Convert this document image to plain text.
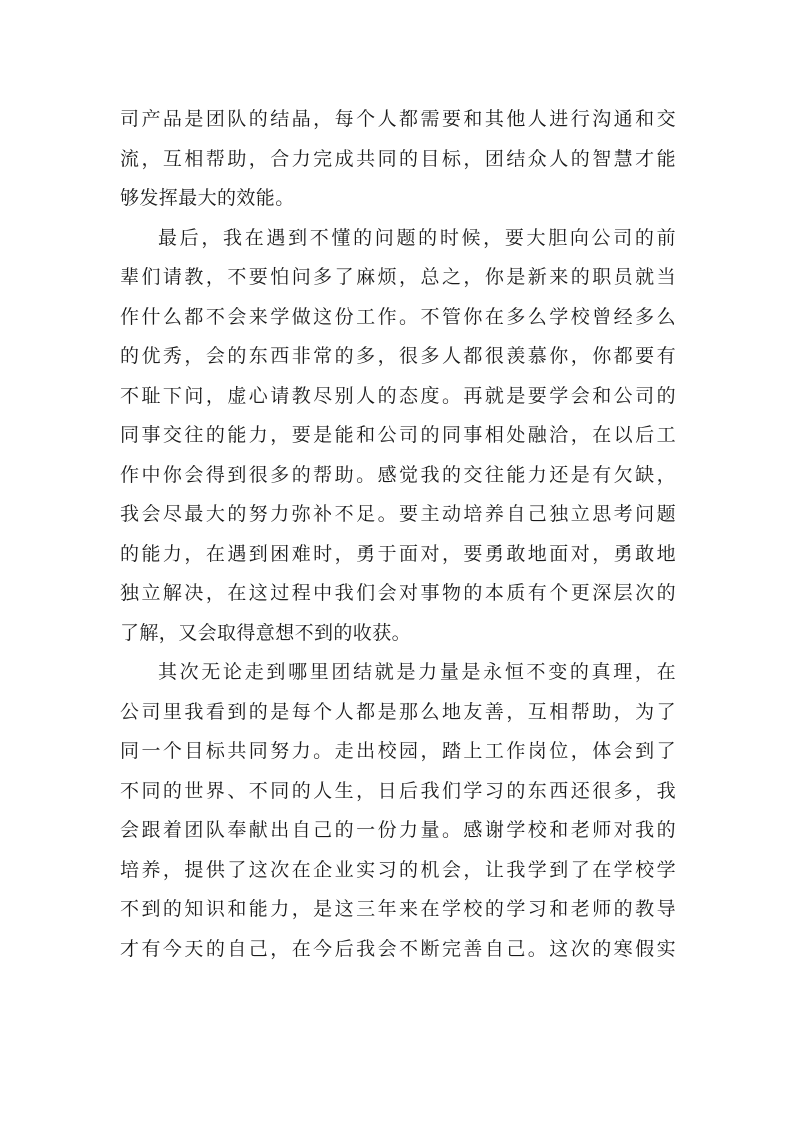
司产品是团队的结晶，每个人都需要和其他人进行沟通和交
流，互相帮助，合力完成共同的目标，团结众人的智慧才能
够发挥最大的效能。
最后，我在遇到不懂的问题的时候，要大胆向公司的前
辈们请教，不要怕问多了麻烦，总之，你是新来的职员就当
作什么都不会来学做这份工作。不管你在多么学校曾经多么
的优秀，会的东西非常的多，很多人都很羡慕你，你都要有
不耻下问，虚心请教尽别人的态度。再就是要学会和公司的
同事交往的能力，要是能和公司的同事相处融洽，在以后工
作中你会得到很多的帮助。感觉我的交往能力还是有欠缺，
我会尽最大的努力弥补不足。要主动培养自己独立思考问题
的能力，在遇到困难时，勇于面对，要勇敢地面对，勇敢地
独立解决，在这过程中我们会对事物的本质有个更深层次的
了解，又会取得意想不到的收获。
其次无论走到哪里团结就是力量是永恒不变的真理，在
公司里我看到的是每个人都是那么地友善，互相帮助，为了
同一个目标共同努力。走出校园，踏上工作岗位，体会到了
不同的世界、不同的人生，日后我们学习的东西还很多，我
会跟着团队奉献出自己的一份力量。感谢学校和老师对我的
培养，提供了这次在企业实习的机会，让我学到了在学校学
不到的知识和能力，是这三年来在学校的学习和老师的教导
才有今天的自己，在今后我会不断完善自己。这次的寒假实
